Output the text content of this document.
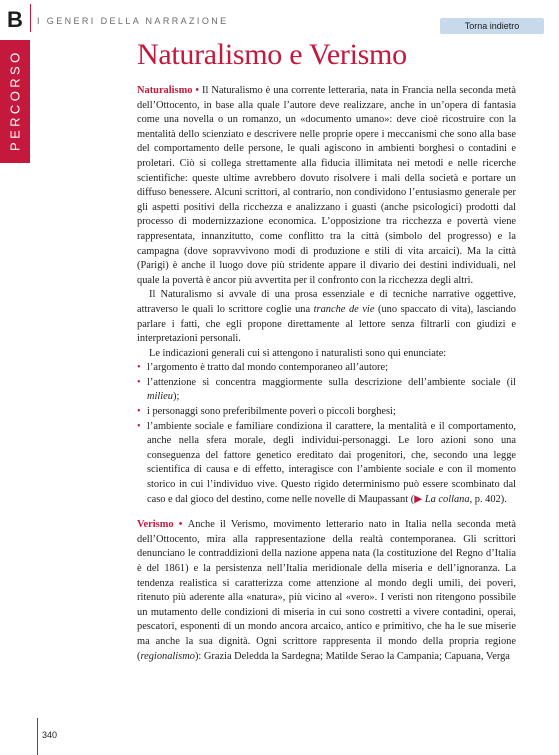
B
PERCORSO
I GENERI DELLA NARRAZIONE	Torna indietro
Naturalismo e Verismo

Naturalismo • Il Naturalismo è una corrente letteraria, nata in Francia nella seconda metà dell’Ottocento, in base alla quale l’autore deve realizzare, anche in un’opera di fantasia come una novella o un romanzo, un «documento umano»: deve cioè ricostruire con la mentalità dello scienziato e descrivere nelle proprie opere i meccanismi che sono alla base del comportamento delle persone, le quali agiscono in ambienti borghesi o contadini e proletari. Ciò si collega strettamente alla fiducia illimitata nei metodi e nelle ricerche scientifiche: queste ultime avrebbero dovuto risolvere i mali della società e portare un diffuso benessere. Alcuni scrittori, al contrario, non condividono l’entusiasmo generale per gli aspetti positivi della ricchezza e analizzano i guasti (anche psicologici) prodotti dal processo di modernizzazione economica. L’opposizione tra ricchezza e povertà viene rappresentata, innanzitutto, come conflitto tra la città (simbolo del progresso) e la campagna (dove sopravvivono modi di produzione e stili di vita arcaici). Ma la città (Parigi) è anche il luogo dove più stridente appare il divario dei destini individuali, nel quale la povertà è ancor più avvertita per il confronto con la ricchezza degli altri.

Il Naturalismo si avvale di una prosa essenziale e di tecniche narrative oggettive, attraverso le quali lo scrittore coglie una tranche de vie (uno spaccato di vita), lasciando parlare i fatti, che egli propone direttamente al lettore senza filtrarli con giudizi e interpretazioni personali.

Le indicazioni generali cui si attengono i naturalisti sono qui enunciate:

• l’argomento è tratto dal mondo contemporaneo all’autore;
• l’attenzione si concentra maggiormente sulla descrizione dell’ambiente sociale (il milieu);
• i personaggi sono preferibilmente poveri o piccoli borghesi;
• l’ambiente sociale e familiare condiziona il carattere, la mentalità e il comportamento, anche nella sfera morale, degli individui-personaggi. Le loro azioni sono una conseguenza del fattore genetico ereditato dai progenitori, che, secondo una legge scientifica di causa e di effetto, interagisce con l’ambiente sociale e con il momento storico in cui l’individuo vive. Questo rigido determinismo può essere scombinato dal caso e dal gioco del destino, come nelle novelle di Maupassant (▶ La collana, p. 402).

Verismo • Anche il Verismo, movimento letterario nato in Italia nella seconda metà dell’Ottocento, mira alla rappresentazione della realtà contemporanea. Gli scrittori denunciano le contraddizioni della nazione appena nata (la costituzione del Regno d’Italia è del 1861) e la persistenza nell’Italia meridionale della miseria e dell’ignoranza. La tendenza realistica si caratterizza come attenzione al mondo degli umili, dei poveri, ritenuto più aderente alla «natura», più vicino al «vero». I veristi non ritengono possibile un mutamento delle condizioni di miseria in cui sono costretti a vivere contadini, operai, pescatori, esponenti di un mondo ancora arcaico, antico e primitivo, che ha le sue miserie ma anche la sua dignità. Ogni scrittore rappresenta il mondo della propria regione (regionalismo): Grazia Deledda la Sardegna; Matilde Serao la Campania; Capuana, Verga

340
